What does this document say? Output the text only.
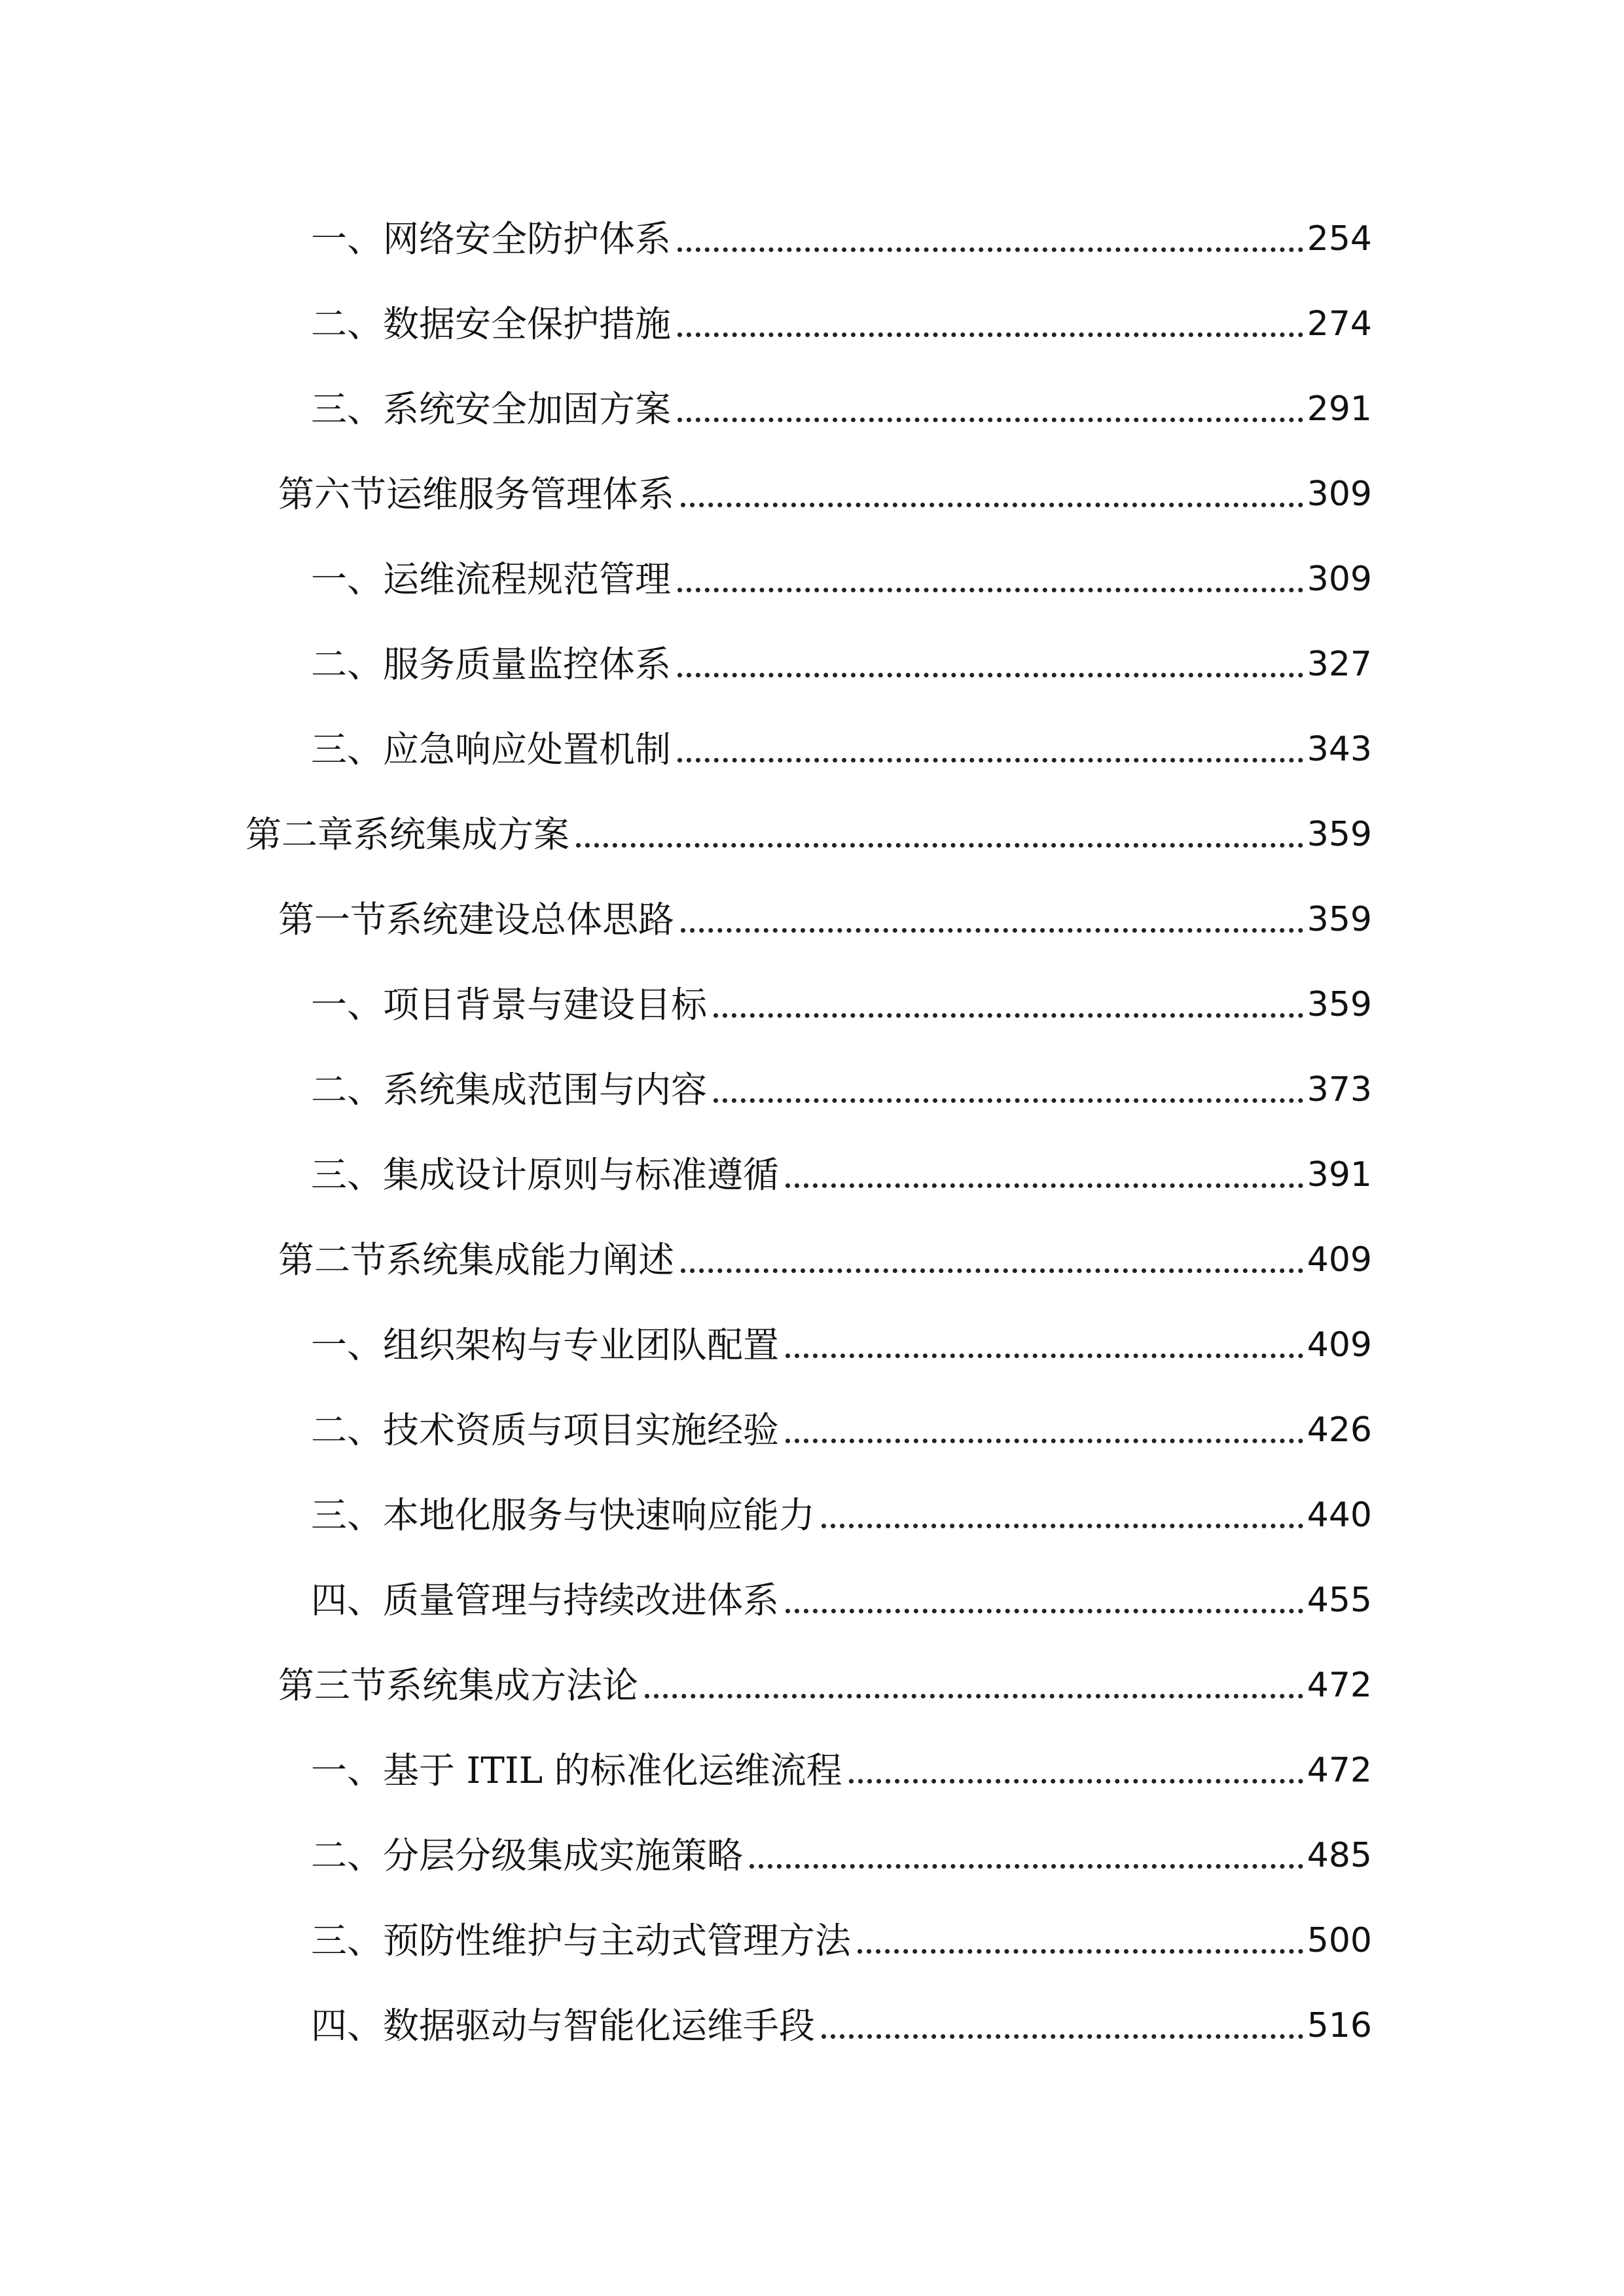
一、网络安全防护体系	254
二、数据安全保护措施	274
三、系统安全加固方案	291
第六节运维服务管理体系	309
一、运维流程规范管理	309
二、服务质量监控体系	327
三、应急响应处置机制	343
第二章系统集成方案	359
第一节系统建设总体思路	359
一、项目背景与建设目标	359
二、系统集成范围与内容	373
三、集成设计原则与标准遵循	391
第二节系统集成能力阐述	409
一、组织架构与专业团队配置	409
二、技术资质与项目实施经验	426
三、本地化服务与快速响应能力	440
四、质量管理与持续改进体系	455
第三节系统集成方法论	472
一、基于 ITIL 的标准化运维流程	472
二、分层分级集成实施策略	485
三、预防性维护与主动式管理方法	500
四、数据驱动与智能化运维手段	516
